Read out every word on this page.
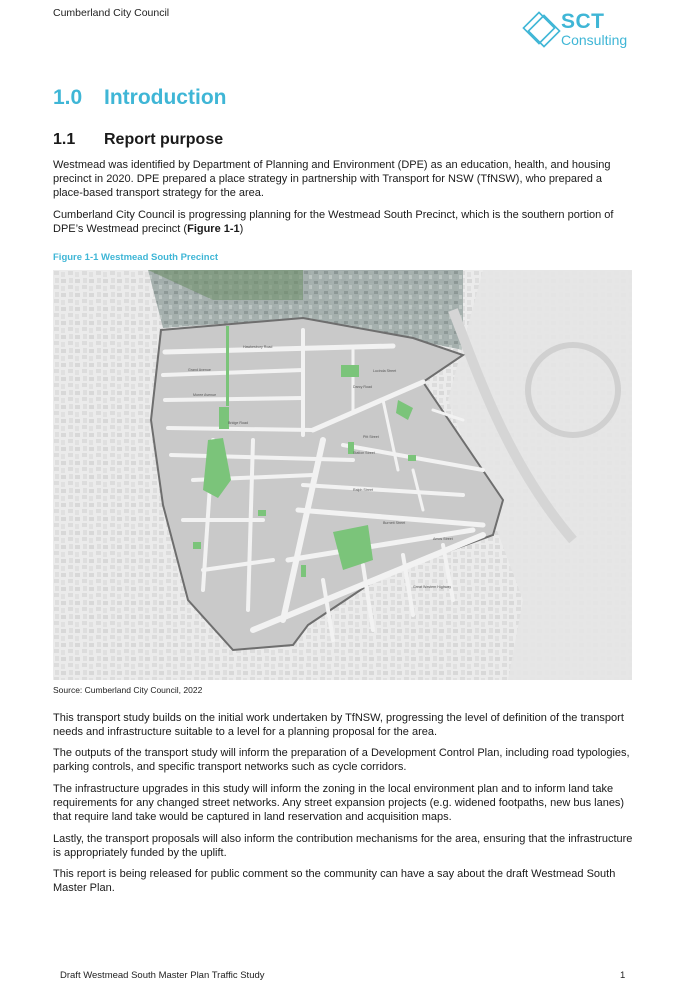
Cumberland City Council	SCT
Consulting
1.0 Introduction
1.1 Report purpose

Westmead was identified by Department of Planning and Environment (DPE) as an education, health, and housing precinct in 2020. DPE prepared a place strategy in partnership with Transport for NSW (TfNSW), who prepared a place-based transport strategy for the area.

Cumberland City Council is progressing planning for the Westmead South Precinct, which is the southern portion of DPE’s Westmead precinct (Figure 1-1)

Figure 1-1 Westmead South Precinct
Hawkesbury Road
Grand Avenue
Moree Avenue
Bridge Road
Darcy Road
Station Street
Pitt Street
Ralph Street
Burnett Street
Great Western Highway
Amos Street
Lucinda Street
Source: Cumberland City Council, 2022

This transport study builds on the initial work undertaken by TfNSW, progressing the level of definition of the transport needs and infrastructure suitable to a level for a planning proposal for the area.

The outputs of the transport study will inform the preparation of a Development Control Plan, including road typologies, parking controls, and specific transport networks such as cycle corridors.

The infrastructure upgrades in this study will inform the zoning in the local environment plan and to inform land take requirements for any changed street networks. Any street expansion projects (e.g. widened footpaths, new bus lanes) that require land take would be captured in land reservation and acquisition maps.

Lastly, the transport proposals will also inform the contribution mechanisms for the area, ensuring that the infrastructure is appropriately funded by the uplift.

This report is being released for public comment so the community can have a say about the draft Westmead South Master Plan.

Draft Westmead South Master Plan Traffic Study	1
